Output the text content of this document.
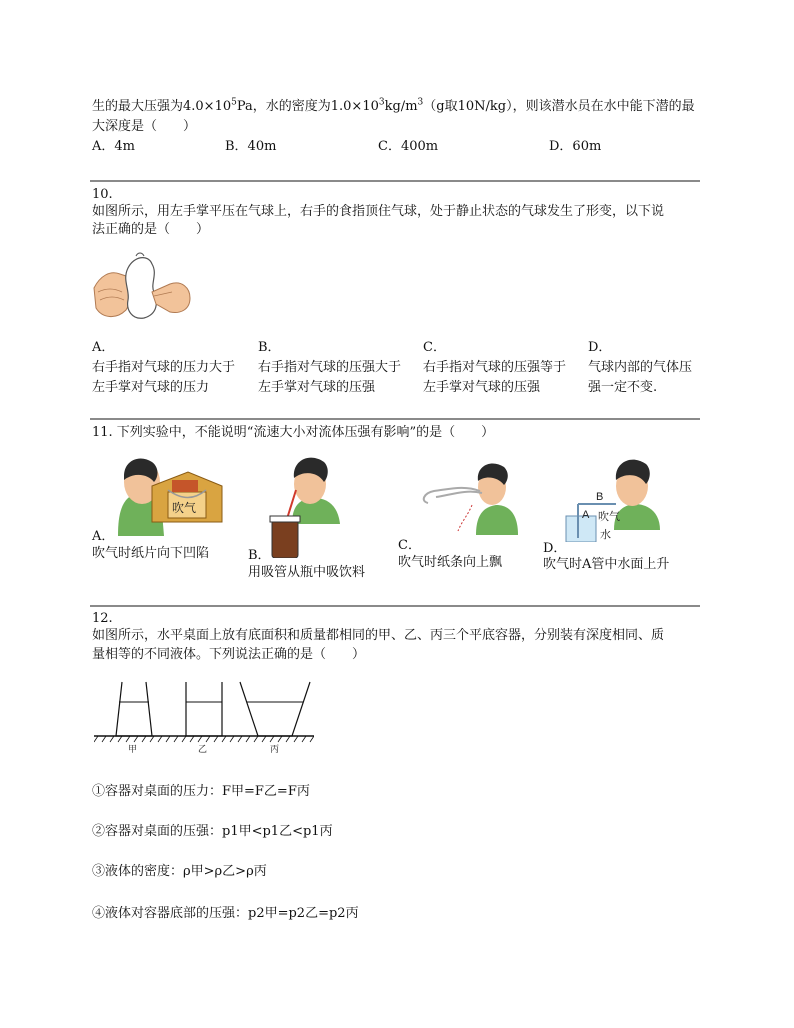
生的最大压强为$4.0\times 10^5Pa$，水的密度为$1.0\times 10^3kg/m^3(g$取10N/kg），则该潜水员在水中能下潜的最
大深度是（　　）
A．4m	B．40m	C．400m	D．60m
10.
如图所示，用左手掌平压在气球上，右手的食指顶住气球，处于静止状态的气球发生了形变，以下说
法正确的是（　　）
A．
右手指对气球的压力大于
左手掌对气球的压力
B．
右手指对气球的压强大于
左手掌对气球的压强
C．
右手指对气球的压强等于
左手掌对气球的压强
D．
气球内部的气体压
强一定不变.
11. 下列实验中，不能说明“流速大小对流体压强有影响”的是（　　）
吹气
A．
吹气时纸片向下凹陷	B．
用吸管从瓶中吸饮料
C．
吹气时纸条向上飘
B
A 吹气
水
D．
吹气时A管中水面上升
12.
如图所示，水平桌面上放有底面积和质量都相同的甲、乙、丙三个平底容器，分别装有深度相同、质
量相等的不同液体。下列说法正确的是（　　）
甲	乙	丙
①容器对桌面的压力：F甲=F乙=F丙
②容器对桌面的压强：p1甲<p1乙<p1丙
③液体的密度：ρ甲>ρ乙>ρ丙
④液体对容器底部的压强：p2甲=p2乙=p2丙
